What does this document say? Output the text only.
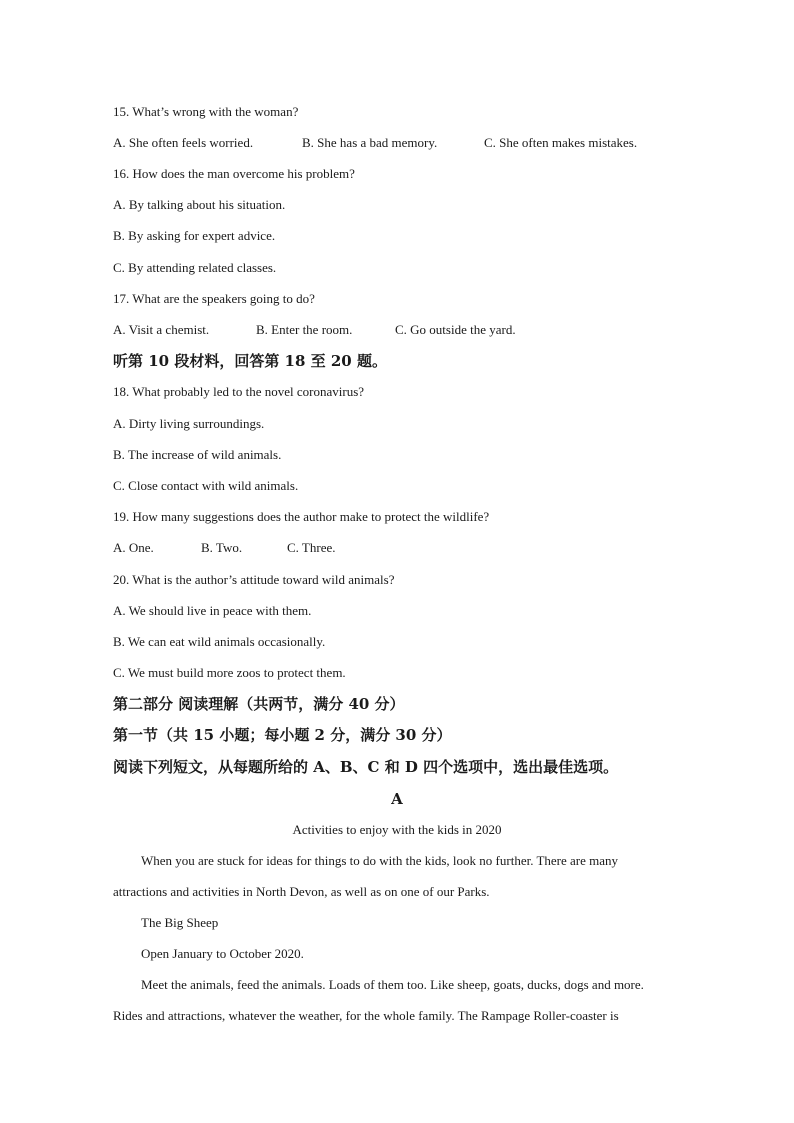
15. What’s wrong with the woman?
A. She often feels worried.	B. She has a bad memory.	C. She often makes mistakes.
16. How does the man overcome his problem?
A. By talking about his situation.
B. By asking for expert advice.
C. By attending related classes.
17. What are the speakers going to do?
A. Visit a chemist.	B. Enter the room.	C. Go outside the yard.
听第 10 段材料，回答第 18 至 20 题。
18. What probably led to the novel coronavirus?
A. Dirty living surroundings.
B. The increase of wild animals.
C. Close contact with wild animals.
19. How many suggestions does the author make to protect the wildlife?
A. One.	B. Two.	C. Three.
20. What is the author’s attitude toward wild animals?
A. We should live in peace with them.
B. We can eat wild animals occasionally.
C. We must build more zoos to protect them.
第二部分 阅读理解（共两节，满分 40 分）
第一节（共 15 小题；每小题 2 分，满分 30 分）
阅读下列短文，从每题所给的 A、B、C 和 D 四个选项中，选出最佳选项。
A
Activities to enjoy with the kids in 2020
When you are stuck for ideas for things to do with the kids, look no further. There are many
attractions and activities in North Devon, as well as on one of our Parks.
The Big Sheep
Open January to October 2020.
Meet the animals, feed the animals. Loads of them too. Like sheep, goats, ducks, dogs and more.
Rides and attractions, whatever the weather, for the whole family. The Rampage Roller-coaster is
